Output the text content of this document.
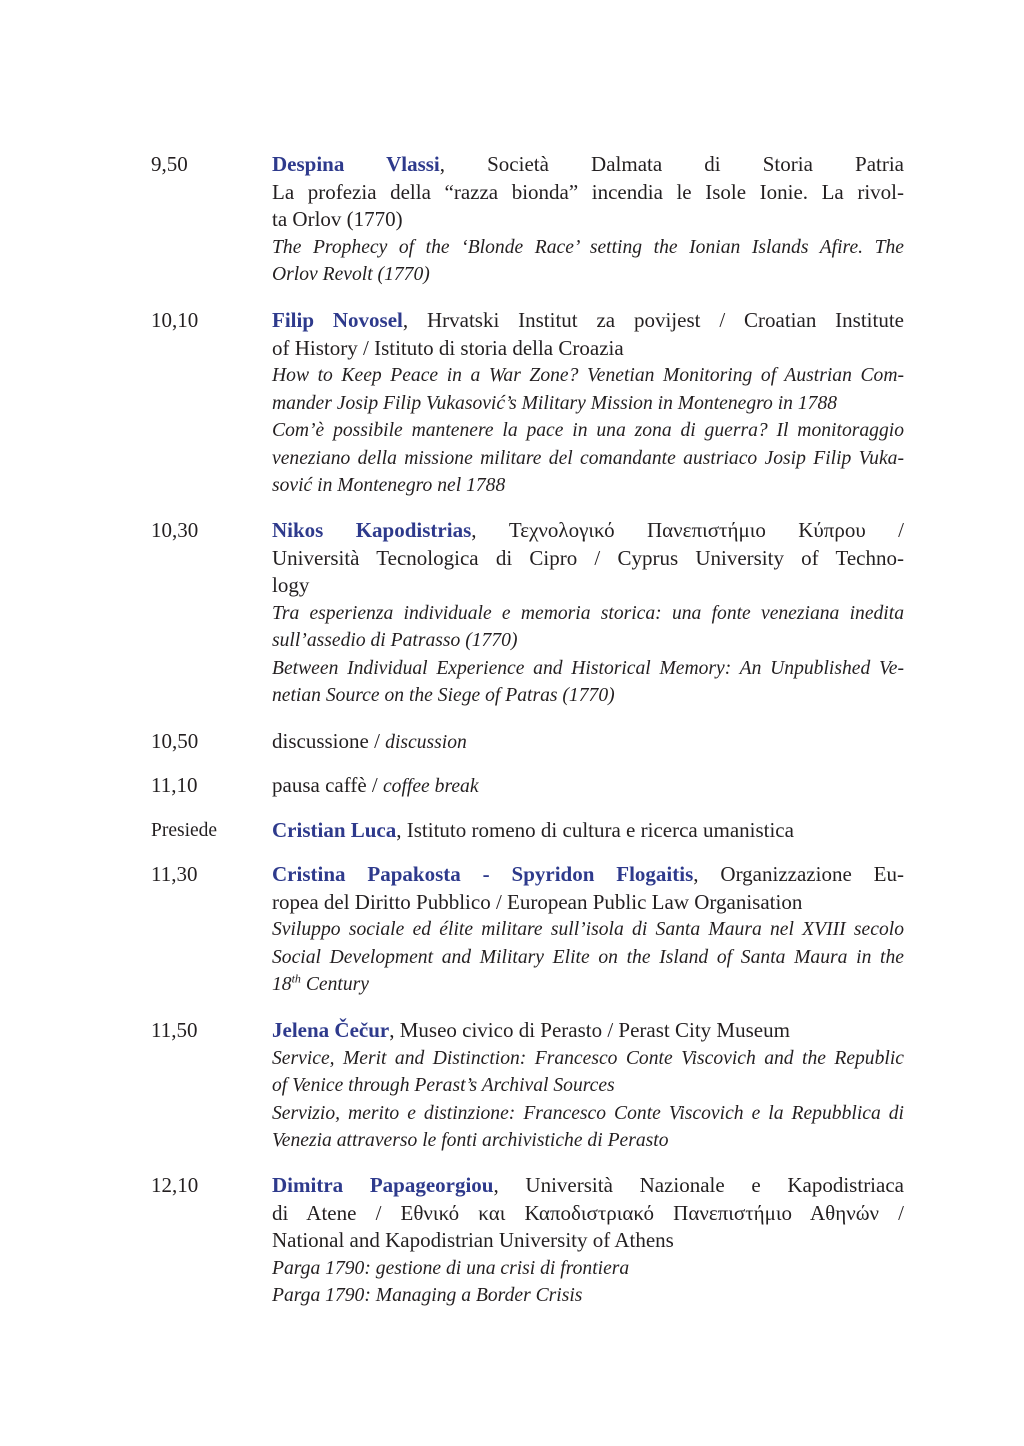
9,50	Despina Vlassi, Società Dalmata di Storia Patria
La profezia della “razza bionda” incendia le Isole Ionie. La rivol-
ta Orlov (1770)
The Prophecy of the ‘Blonde Race’ setting the Ionian Islands Afire. The
Orlov Revolt (1770)
10,10	Filip Novosel, Hrvatski Institut za povijest / Croatian Institute
of History / Istituto di storia della Croazia
How to Keep Peace in a War Zone? Venetian Monitoring of Austrian Com-
mander Josip Filip Vukasović’s Military Mission in Montenegro in 1788
Com’è possibile mantenere la pace in una zona di guerra? Il monitoraggio
veneziano della missione militare del comandante austriaco Josip Filip Vuka-
sović in Montenegro nel 1788
10,30	Nikos Kapodistrias, Τεχνολογικό Πανεπιστήμιο Κύπρου /
Università Tecnologica di Cipro / Cyprus University of Techno-
logy
Tra esperienza individuale e memoria storica: una fonte veneziana inedita
sull’assedio di Patrasso (1770)
Between Individual Experience and Historical Memory: An Unpublished Ve-
netian Source on the Siege of Patras (1770)
10,50	discussione / discussion
11,10	pausa caffè / coffee break
Presiede	Cristian Luca, Istituto romeno di cultura e ricerca umanistica
11,30	Cristina Papakosta - Spyridon Flogaitis, Organizzazione Eu-
ropea del Diritto Pubblico / European Public Law Organisation
Sviluppo sociale ed élite militare sull’isola di Santa Maura nel XVIII secolo
Social Development and Military Elite on the Island of Santa Maura in the
18th Century
11,50	Jelena Čečur, Museo civico di Perasto / Perast City Museum
Service, Merit and Distinction: Francesco Conte Viscovich and the Republic
of Venice through Perast’s Archival Sources
Servizio, merito e distinzione: Francesco Conte Viscovich e la Repubblica di
Venezia attraverso le fonti archivistiche di Perasto
12,10	Dimitra Papageorgiou, Università Nazionale e Kapodistriaca
di Atene / Εθνικό και Καποδιστριακό Πανεπιστήμιο Αθηνών /
National and Kapodistrian University of Athens
Parga 1790: gestione di una crisi di frontiera
Parga 1790: Managing a Border Crisis
